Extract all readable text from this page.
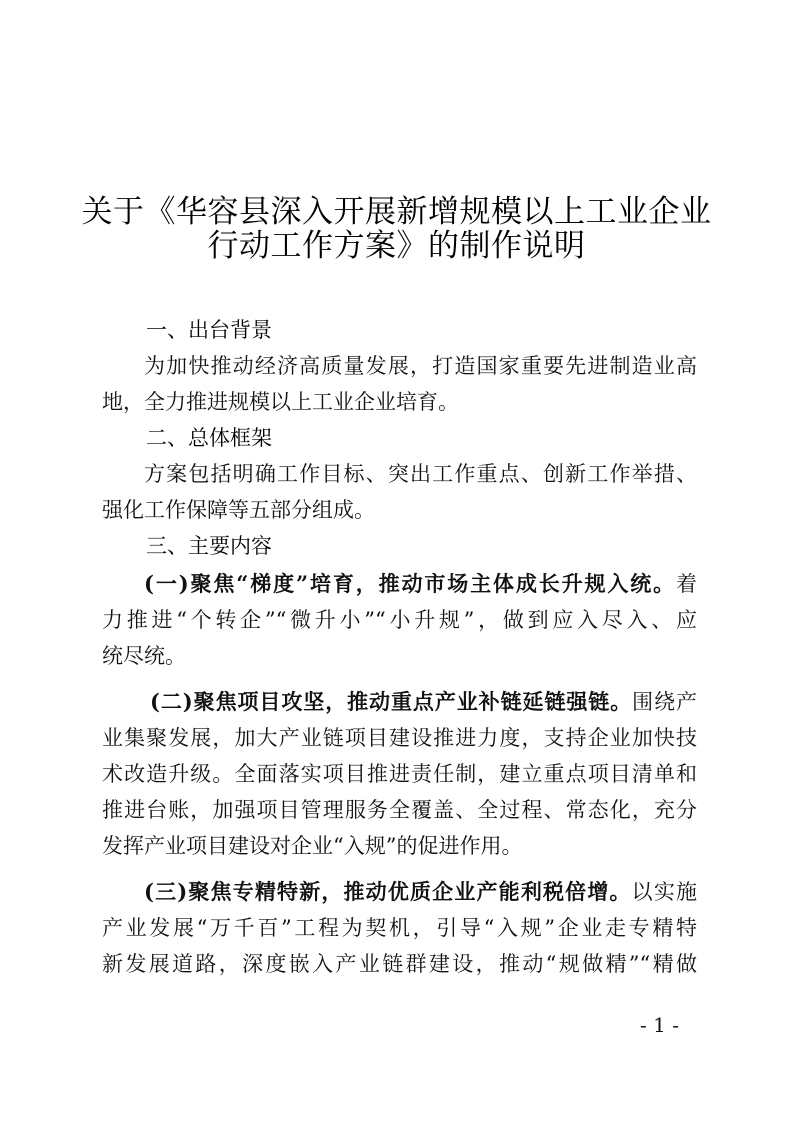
关于《华容县深入开展新增规模以上工业企业
行动工作方案》的制作说明
一、出台背景
为加快推动经济高质量发展，打造国家重要先进制造业高
地，全力推进规模以上工业企业培育。
二、总体框架
方案包括明确工作目标、突出工作重点、创新工作举措、
强化工作保障等五部分组成。
三、主要内容
(一)聚焦“梯度”培育，推动市场主体成长升规入统。着
力推进“个转企”“微升小”“小升规”，做到应入尽入、应
统尽统。
(二)聚焦项目攻坚，推动重点产业补链延链强链。围绕产
业集聚发展，加大产业链项目建设推进力度，支持企业加快技
术改造升级。全面落实项目推进责任制，建立重点项目清单和
推进台账，加强项目管理服务全覆盖、全过程、常态化，充分
发挥产业项目建设对企业“入规”的促进作用。
(三)聚焦专精特新，推动优质企业产能利税倍增。以实施
产业发展“万千百”工程为契机，引导“入规”企业走专精特
新发展道路，深度嵌入产业链群建设，推动“规做精”“精做
- 1 -
